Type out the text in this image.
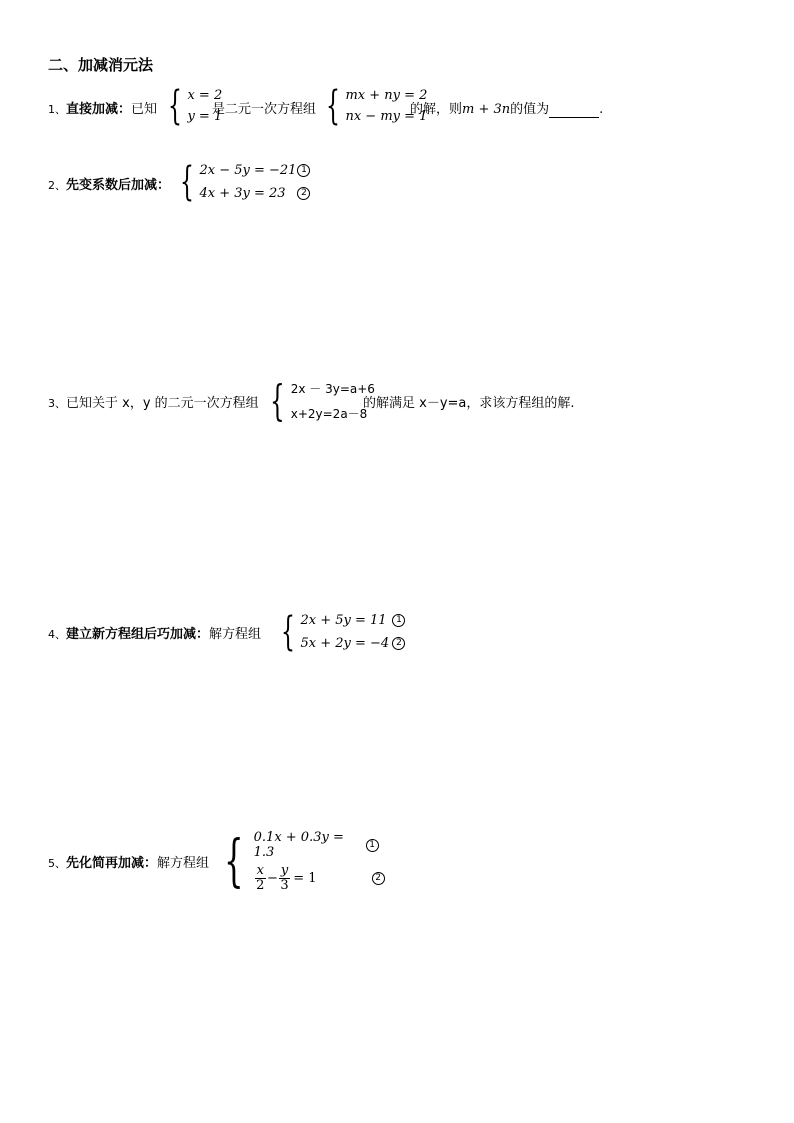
二、加减消元法
1、直接加减：已知 { x = 2
y = 1
是二元一次方程组 { mx + ny = 2
nx − my = 1
的解，则m + 3n的值为	.
2、先变系数后加减： { 2x − 5y = −21 1
4x + 3y = 23	2
3、已知关于 x，y 的二元一次方程组 { 2x － 3y=a+6
x+2y=2a－8
的解满足 x－y=a，求该方程组的解.
4、建立新方程组后巧加减：解方程组 { 2x + 5y = 11	1
5x + 2y = −4 2
5、先化简再加减：解方程组 { 0.1x + 0.3y = 1.3
1
$\frac{x}{2} - \frac{y}{3} = 1$	2
